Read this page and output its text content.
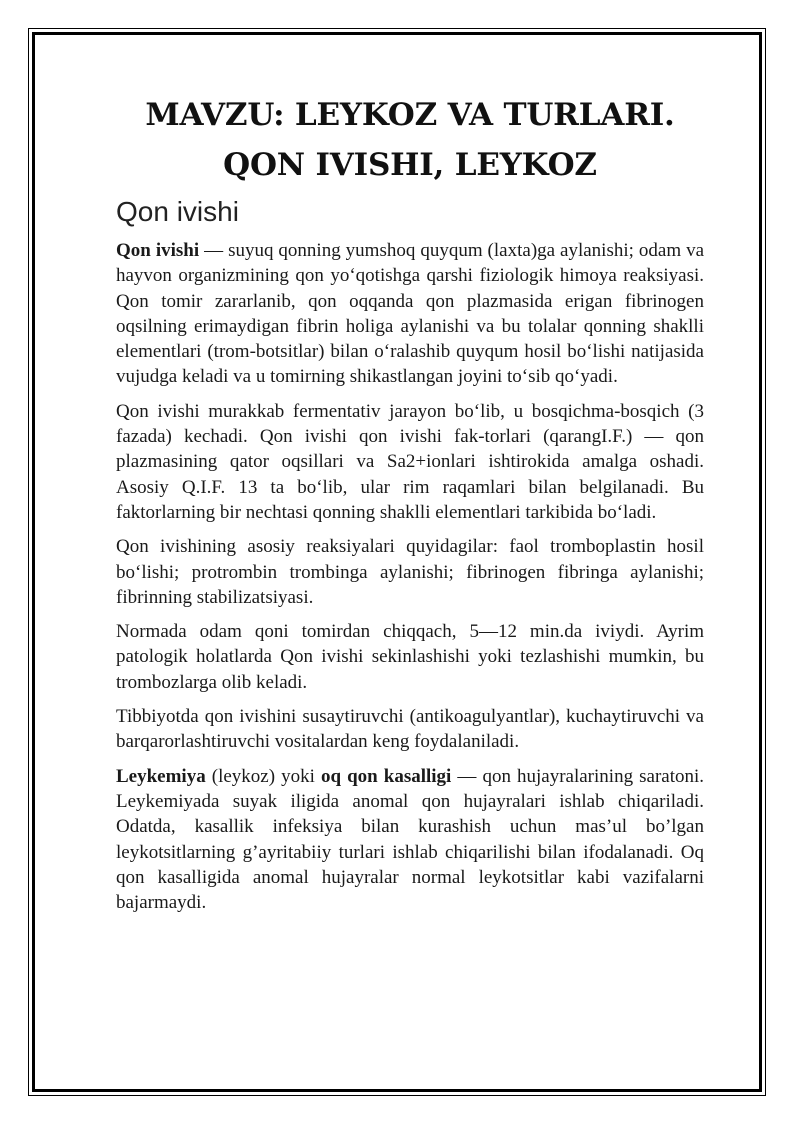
MAVZU: LEYKOZ VA TURLARI.
QON IVISHI, LEYKOZ
Qon ivishi

Qon ivishi — suyuq qonning yumshoq quyqum (laxta)ga aylanishi; odam va hayvon organizmining qon yoʻqotishga qarshi fiziologik himoya reaksiyasi. Qon tomir zararlanib, qon oqqanda qon plazmasida erigan fibrinogen oqsilning erimaydigan fibrin holiga aylanishi va bu tolalar qonning shaklli elementlari (trom-botsitlar) bilan oʻralashib quyqum hosil boʻlishi natijasida vujudga keladi va u tomirning shikastlangan joyini toʻsib qoʻyadi.

Qon ivishi murakkab fermentativ jarayon boʻlib, u bosqichma-bosqich (3 fazada) kechadi. Qon ivishi qon ivishi fak-torlari (qarangI.F.) — qon plazmasining qator oqsillari va Sa2+ionlari ishtirokida amalga oshadi. Asosiy Q.I.F. 13 ta boʻlib, ular rim raqamlari bilan belgilanadi. Bu faktorlarning bir nechtasi qonning shaklli elementlari tarkibida boʻladi.

Qon ivishining asosiy reaksiyalari quyidagilar: faol tromboplastin hosil boʻlishi; protrombin trombinga aylanishi; fibrinogen fibringa aylanishi; fibrinning stabilizatsiyasi.

Normada odam qoni tomirdan chiqqach, 5—12 min.da iviydi. Ayrim patologik holatlarda Qon ivishi sekinlashishi yoki tezlashishi mumkin, bu trombozlarga olib keladi.

Tibbiyotda qon ivishini susaytiruvchi (antikoagulyantlar), kuchaytiruvchi va barqarorlashtiruvchi vositalardan keng foydalaniladi.

Leykemiya (leykoz) yoki oq qon kasalligi — qon hujayralarining saratoni. Leykemiyada suyak iligida anomal qon hujayralari ishlab chiqariladi. Odatda, kasallik infeksiya bilan kurashish uchun mas’ul bo’lgan leykotsitlarning g’ayritabiiy turlari ishlab chiqarilishi bilan ifodalanadi. Oq qon kasalligida anomal hujayralar normal leykotsitlar kabi vazifalarni bajarmaydi.
